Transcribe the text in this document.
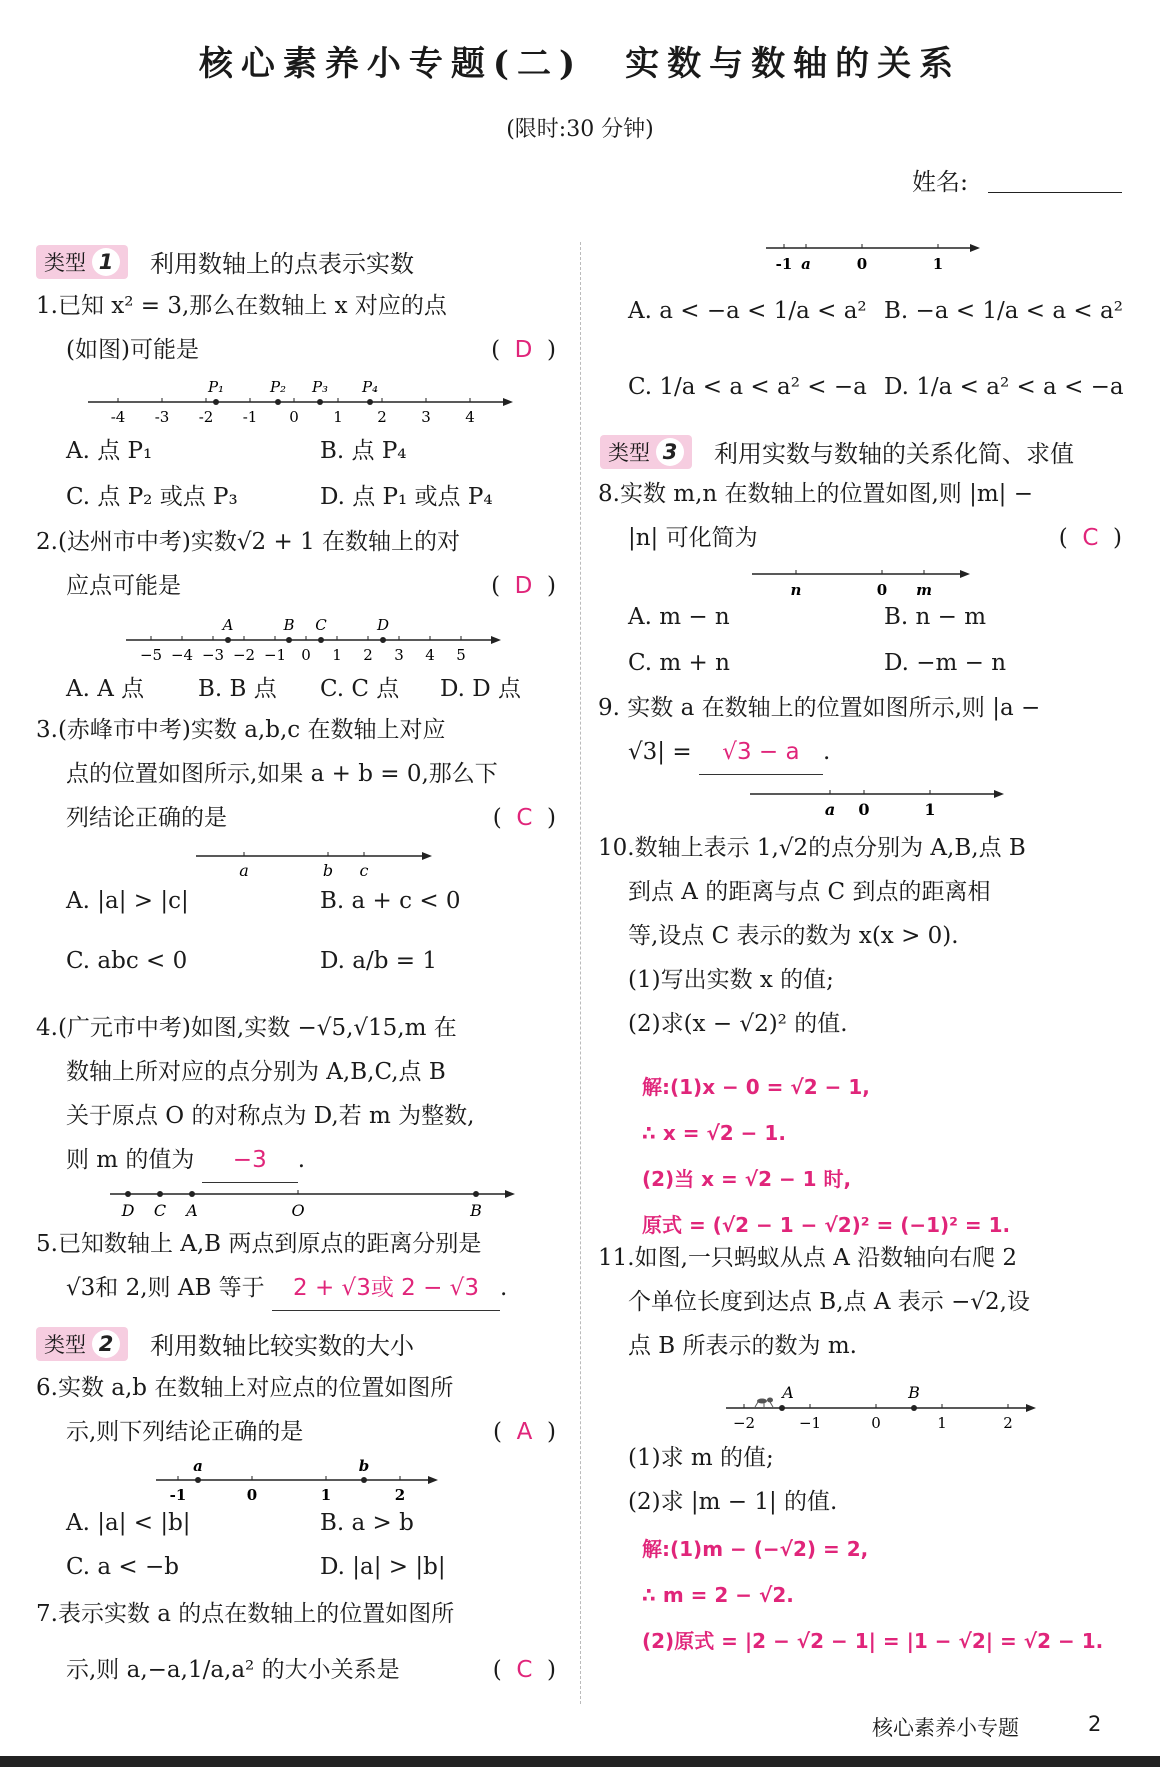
核心素养小专题(二)　实数与数轴的关系
(限时:30 分钟)
姓名:
类型 1 利用数轴上的点表示实数
1.已知 x² = 3,那么在数轴上 x 对应的点
(如图)可能是	(  D  )
-4 -3 -2 -1 0 1 2 3 4
P₁	P₂ P₃ P₄
A. 点 P₁	B. 点 P₄
C. 点 P₂ 或点 P₃	D. 点 P₁ 或点 P₄
2.(达州市中考)实数√2 + 1 在数轴上的对
应点可能是	(  D  )
−5 −4 −3 −2 −1 0 1 2 3 4 5
A	B C	D
A. A 点 B. B 点 C. C 点 D. D 点
3.(赤峰市中考)实数 a,b,c 在数轴上对应
点的位置如图所示,如果 a + b = 0,那么下
列结论正确的是	(  C  )
a	b c
A. |a| > |c|	B. a + c < 0
C. abc < 0	D. a/b = 1
4.(广元市中考)如图,实数 −√5,√15,m 在
数轴上所对应的点分别为 A,B,C,点 B
关于原点 O 的对称点为 D,若 m 为整数,
则 m 的值为 −3 .
D C A	O	B
5.已知数轴上 A,B 两点到原点的距离分别是
√3和 2,则 AB 等于 2 + √3或 2 − √3 .
类型 2 利用数轴比较实数的大小
6.实数 a,b 在数轴上对应点的位置如图所
示,则下列结论正确的是	(  A  )
-1	0	1	2
a	b
A. |a| < |b|	B. a > b
C. a < −b	D. |a| > |b|
7.表示实数 a 的点在数轴上的位置如图所
示,则 a,−a,1/a,a² 的大小关系是	(  C  )
-1 a	0	1
A. a < −a < 1/a < a² B. −a < 1/a < a < a²
C. 1/a < a < a² < −a D. 1/a < a² < a < −a
类型 3 利用实数与数轴的关系化简、求值
8.实数 m,n 在数轴上的位置如图,则 |m| −
|n| 可化简为	(  C  )
n	0 m
A. m − n	B. n − m
C. m + n	D. −m − n
9. 实数 a 在数轴上的位置如图所示,则 |a −
√3| = √3 − a .
a 0	1
10.数轴上表示 1,√2的点分别为 A,B,点 B
到点 A 的距离与点 C 到点的距离相
等,设点 C 表示的数为 x(x > 0).
(1)写出实数 x 的值;
(2)求(x − √2)² 的值.
解:(1)x − 0 = √2 − 1,
∴ x = √2 − 1.
(2)当 x = √2 − 1 时,
原式 = (√2 − 1 − √2)² = (−1)² = 1.
11.如图,一只蚂蚁从点 A 沿数轴向右爬 2
个单位长度到达点 B,点 A 表示 −√2,设
点 B 所表示的数为 m.
−2	−1	0	1	2
A	B
(1)求 m 的值;
(2)求 |m − 1| 的值.
解:(1)m − (−√2) = 2,
∴ m = 2 − √2.
(2)原式 = |2 − √2 − 1| = |1 − √2| = √2 − 1.
核心素养小专题	2
